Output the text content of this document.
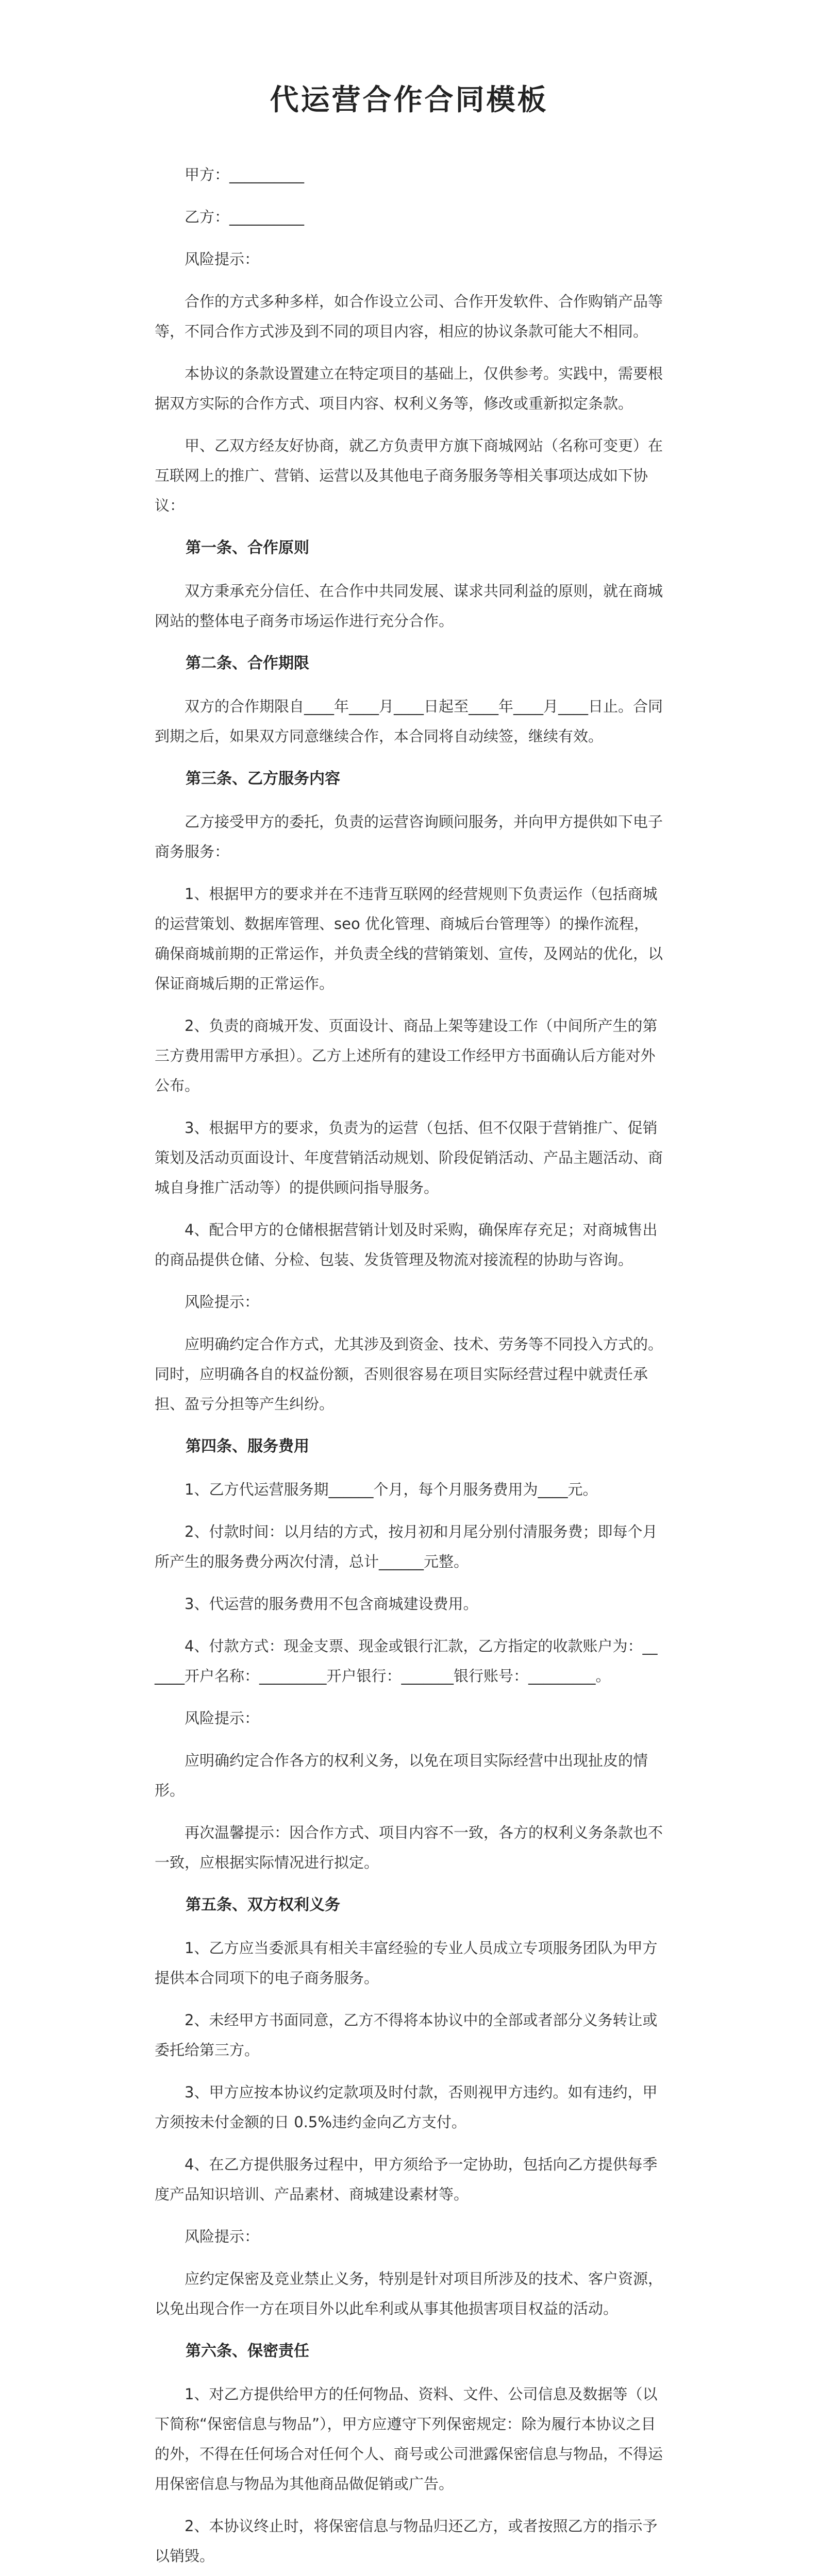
代运营合作合同模板

甲方：__________

乙方：__________

风险提示：

合作的方式多种多样，如合作设立公司、合作开发软件、合作购销产品等等，不同合作方式涉及到不同的项目内容，相应的协议条款可能大不相同。

本协议的条款设置建立在特定项目的基础上，仅供参考。实践中，需要根据双方实际的合作方式、项目内容、权利义务等，修改或重新拟定条款。

甲、乙双方经友好协商，就乙方负责甲方旗下商城网站（名称可变更）在互联网上的推广、营销、运营以及其他电子商务服务等相关事项达成如下协议：

第一条、合作原则

双方秉承充分信任、在合作中共同发展、谋求共同利益的原则，就在商城网站的整体电子商务市场运作进行充分合作。

第二条、合作期限

双方的合作期限自____年____月____日起至____年____月____日止。合同到期之后，如果双方同意继续合作，本合同将自动续签，继续有效。

第三条、乙方服务内容

乙方接受甲方的委托，负责的运营咨询顾问服务，并向甲方提供如下电子商务服务：

1、根据甲方的要求并在不违背互联网的经营规则下负责运作（包括商城的运营策划、数据库管理、seo 优化管理、商城后台管理等）的操作流程，确保商城前期的正常运作，并负责全线的营销策划、宣传，及网站的优化，以保证商城后期的正常运作。

2、负责的商城开发、页面设计、商品上架等建设工作（中间所产生的第三方费用需甲方承担）。乙方上述所有的建设工作经甲方书面确认后方能对外公布。

3、根据甲方的要求，负责为的运营（包括、但不仅限于营销推广、促销策划及活动页面设计、年度营销活动规划、阶段促销活动、产品主题活动、商城自身推广活动等）的提供顾问指导服务。

4、配合甲方的仓储根据营销计划及时采购，确保库存充足；对商城售出的商品提供仓储、分检、包装、发货管理及物流对接流程的协助与咨询。

风险提示：

应明确约定合作方式，尤其涉及到资金、技术、劳务等不同投入方式的。同时，应明确各自的权益份额，否则很容易在项目实际经营过程中就责任承担、盈亏分担等产生纠纷。

第四条、服务费用

1、乙方代运营服务期______个月，每个月服务费用为____元。

2、付款时间：以月结的方式，按月初和月尾分别付清服务费；即每个月所产生的服务费分两次付清，总计______元整。

3、代运营的服务费用不包含商城建设费用。

4、付款方式：现金支票、现金或银行汇款，乙方指定的收款账户为：______开户名称：_________开户银行：_______银行账号：_________。

风险提示：

应明确约定合作各方的权利义务，以免在项目实际经营中出现扯皮的情形。

再次温馨提示：因合作方式、项目内容不一致，各方的权利义务条款也不一致，应根据实际情况进行拟定。

第五条、双方权利义务

1、乙方应当委派具有相关丰富经验的专业人员成立专项服务团队为甲方提供本合同项下的电子商务服务。

2、未经甲方书面同意，乙方不得将本协议中的全部或者部分义务转让或委托给第三方。

3、甲方应按本协议约定款项及时付款，否则视甲方违约。如有违约，甲方须按未付金额的日 0.5%违约金向乙方支付。

4、在乙方提供服务过程中，甲方须给予一定协助，包括向乙方提供每季度产品知识培训、产品素材、商城建设素材等。

风险提示：

应约定保密及竞业禁止义务，特别是针对项目所涉及的技术、客户资源，以免出现合作一方在项目外以此牟利或从事其他损害项目权益的活动。

第六条、保密责任

1、对乙方提供给甲方的任何物品、资料、文件、公司信息及数据等（以下简称“保密信息与物品”），甲方应遵守下列保密规定：除为履行本协议之目的外，不得在任何场合对任何个人、商号或公司泄露保密信息与物品，不得运用保密信息与物品为其他商品做促销或广告。

2、本协议终止时，将保密信息与物品归还乙方，或者按照乙方的指示予以销毁。
